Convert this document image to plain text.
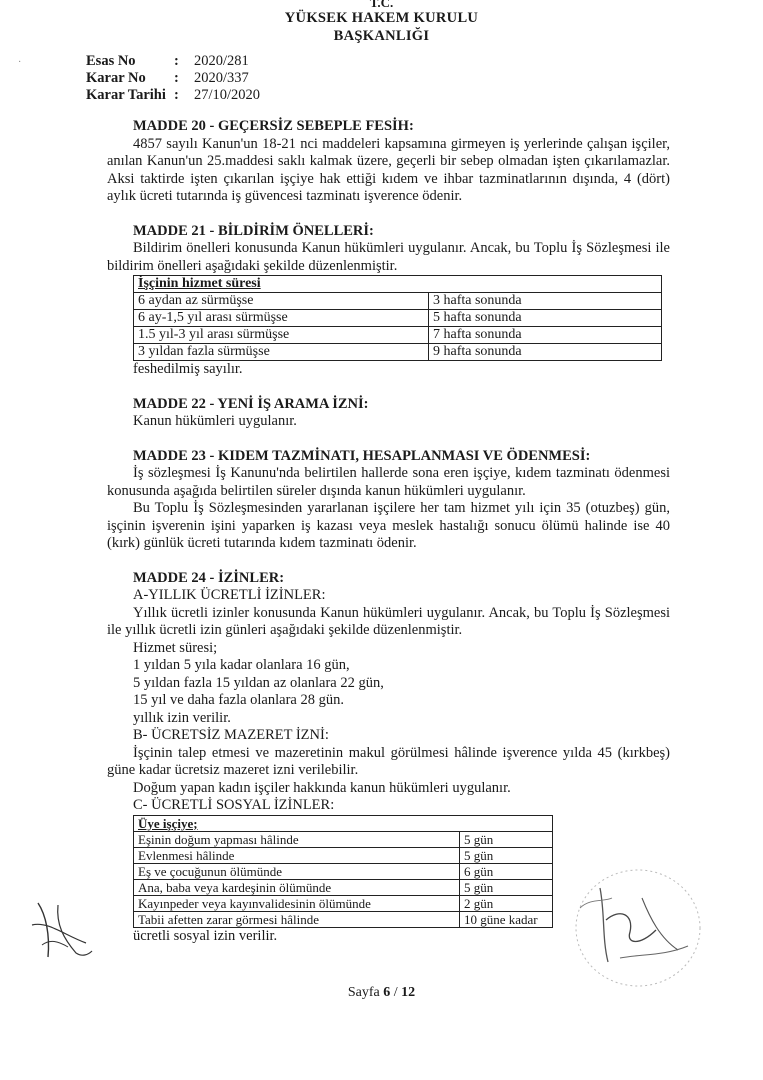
T.C.
YÜKSEK HAKEM KURULU
BAŞKANLIĞI
·	Esas No	:	2020/281
Karar No	:	2020/337
Karar Tarihi :	27/10/2020
MADDE 20 - GEÇERSİZ SEBEPLE FESİH:

4857 sayılı Kanun'un 18-21 nci maddeleri kapsamına girmeyen iş yerlerinde çalışan işçiler, anılan Kanun'un 25.maddesi saklı kalmak üzere, geçerli bir sebep olmadan işten çıkarılamazlar. Aksi taktirde işten çıkarılan işçiye hak ettiği kıdem ve ihbar tazminatlarının dışında, 4 (dört) aylık ücreti tutarında iş güvencesi tazminatı işverence ödenir.

MADDE 21 - BİLDİRİM ÖNELLERİ:

Bildirim önelleri konusunda Kanun hükümleri uygulanır. Ancak, bu Toplu İş Sözleşmesi ile bildirim önelleri aşağıdaki şekilde düzenlenmiştir.

İşçinin hizmet süresi	
6 aydan az sürmüşse	3 hafta sonunda
6 ay-1,5 yıl arası sürmüşse	5 hafta sonunda
1.5 yıl-3 yıl arası sürmüşse	7 hafta sonunda
3 yıldan fazla sürmüşse	9 hafta sonunda

feshedilmiş sayılır.

MADDE 22 - YENİ İŞ ARAMA İZNİ:

Kanun hükümleri uygulanır.

MADDE 23 - KIDEM TAZMİNATI, HESAPLANMASI VE ÖDENMESİ:

İş sözleşmesi İş Kanunu'nda belirtilen hallerde sona eren işçiye, kıdem tazminatı ödenmesi konusunda aşağıda belirtilen süreler dışında kanun hükümleri uygulanır.

Bu Toplu İş Sözleşmesinden yararlanan işçilere her tam hizmet yılı için 35 (otuzbeş) gün, işçinin işverenin işini yaparken iş kazası veya meslek hastalığı sonucu ölümü halinde ise 40 (kırk) günlük ücreti tutarında kıdem tazminatı ödenir.

MADDE 24 - İZİNLER:

A-YILLIK ÜCRETLİ İZİNLER:

Yıllık ücretli izinler konusunda Kanun hükümleri uygulanır. Ancak, bu Toplu İş Sözleşmesi ile yıllık ücretli izin günleri aşağıdaki şekilde düzenlenmiştir.

Hizmet süresi;

1 yıldan 5 yıla kadar olanlara 16 gün,

5 yıldan fazla 15 yıldan az olanlara 22 gün,

15 yıl ve daha fazla olanlara 28 gün.

yıllık izin verilir.

B- ÜCRETSİZ MAZERET İZNİ:

İşçinin talep etmesi ve mazeretinin makul görülmesi hâlinde işverence yılda 45 (kırkbeş) güne kadar ücretsiz mazeret izni verilebilir.

Doğum yapan kadın işçiler hakkında kanun hükümleri uygulanır.

C- ÜCRETLİ SOSYAL İZİNLER:

Üye işçiye;	
Eşinin doğum yapması hâlinde	5 gün
Evlenmesi hâlinde	5 gün
Eş ve çocuğunun ölümünde	6 gün
Ana, baba veya kardeşinin ölümünde	5 gün
Kayınpeder veya kayınvalidesinin ölümünde	2 gün
Tabii afetten zarar görmesi hâlinde	10 güne kadar

ücretli sosyal izin verilir.

Sayfa 6 / 12
